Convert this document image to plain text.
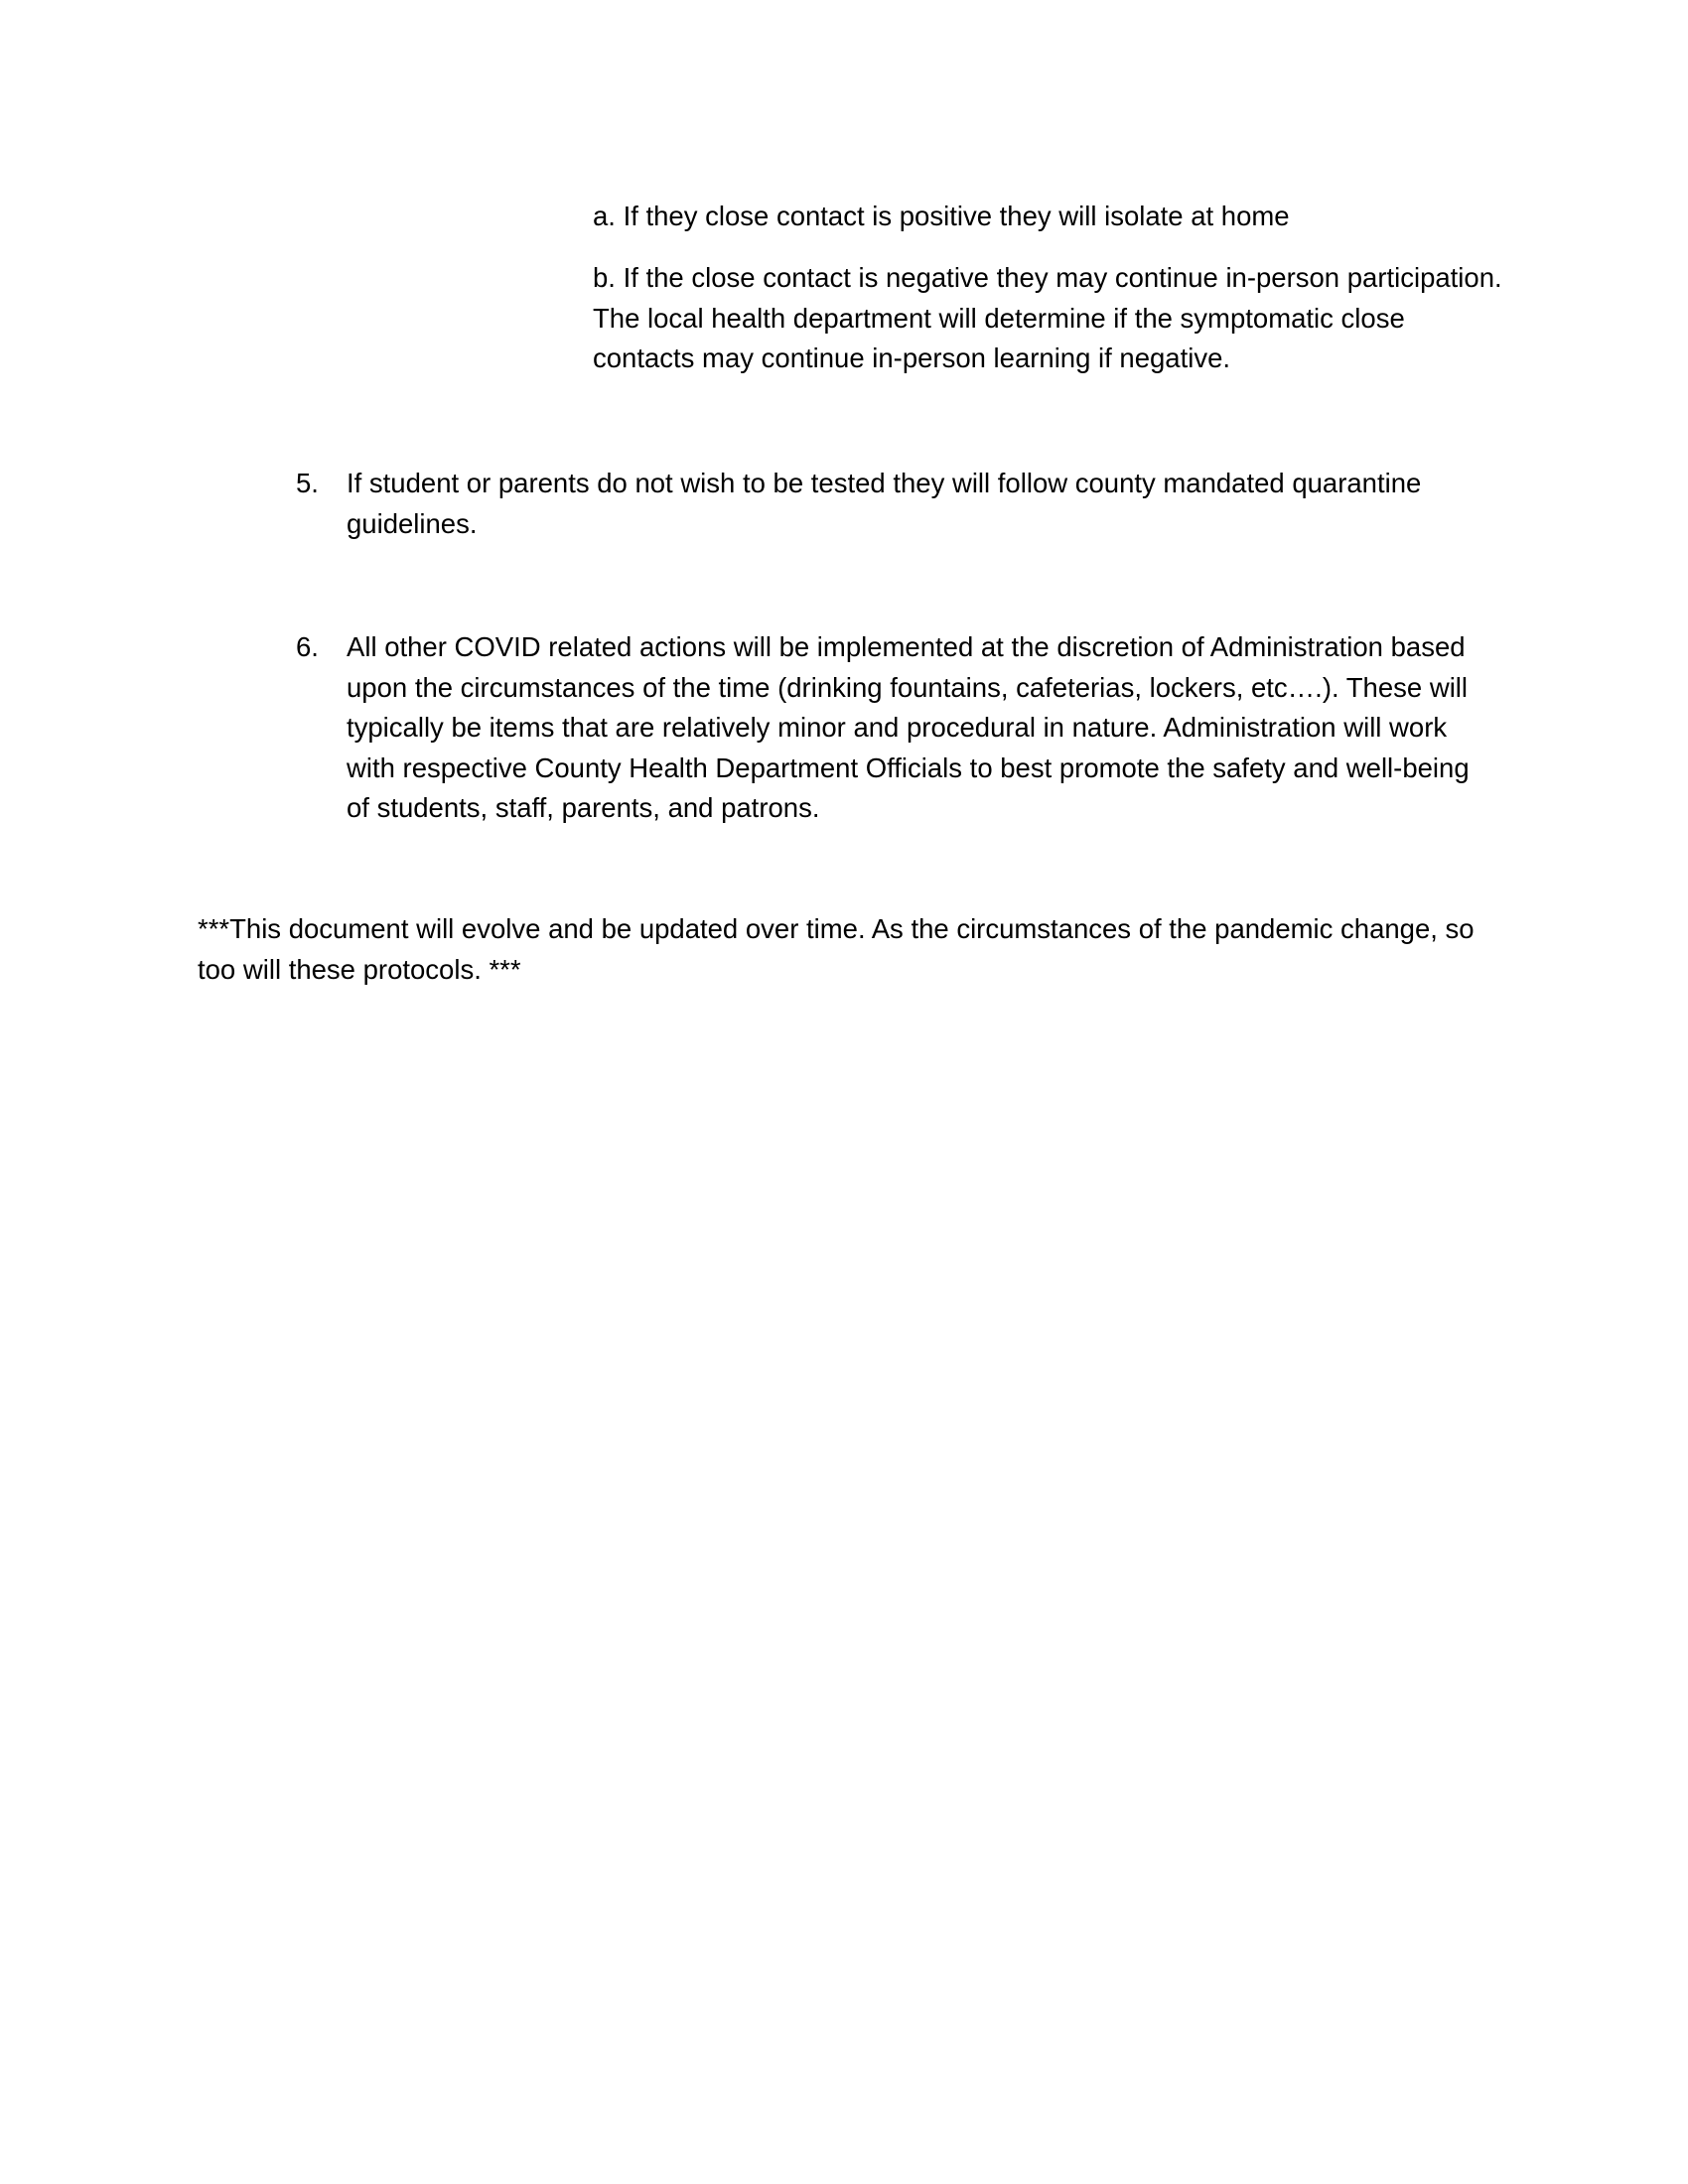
a. If they close contact is positive they will isolate at home

b. If the close contact is negative they may continue in-person participation. The local health department will determine if the symptomatic close contacts may continue in-person learning if negative.

5. If student or parents do not wish to be tested they will follow county mandated quarantine guidelines.
6. All other COVID related actions will be implemented at the discretion of Administration based upon the circumstances of the time (drinking fountains, cafeterias, lockers, etc….). These will typically be items that are relatively minor and procedural in nature. Administration will work with respective County Health Department Officials to best promote the safety and well-being of students, staff, parents, and patrons.

***This document will evolve and be updated over time. As the circumstances of the pandemic change, so too will these protocols. ***
